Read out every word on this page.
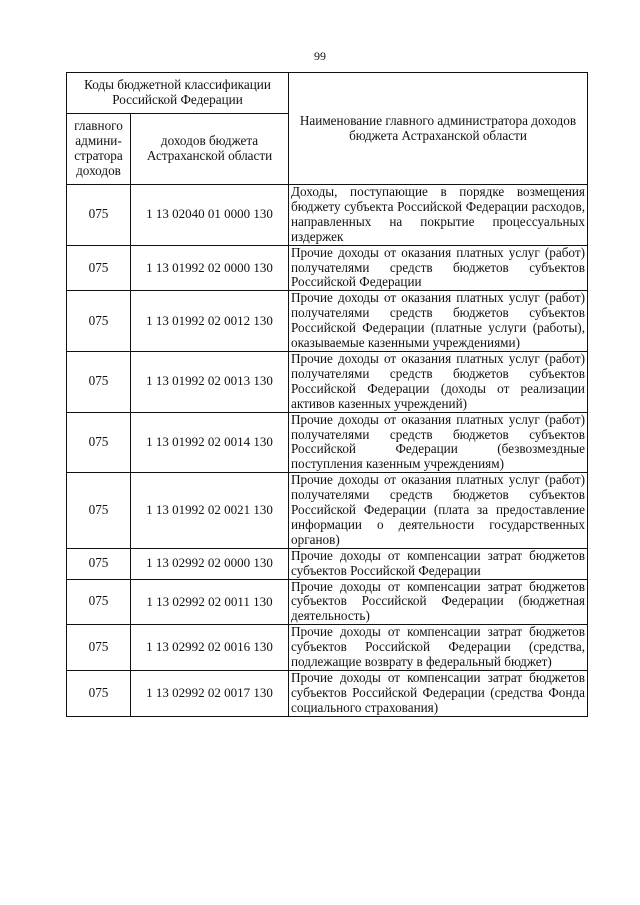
99
Коды бюджетной классификации Российской Федерации		Наименование главного администратора доходов бюджета Астраханской области
главного админи-стратора доходов	доходов бюджета Астраханской области	
075	1 13 02040 01 0000 130	Доходы, поступающие в порядке возмещения бюджету субъекта Российской Федерации расходов, направленных на покрытие процессуальных издержек
075	1 13 01992 02 0000 130	Прочие доходы от оказания платных услуг (работ) получателями средств бюджетов субъектов Российской Федерации
075	1 13 01992 02 0012 130	Прочие доходы от оказания платных услуг (работ) получателями средств бюджетов субъектов Российской Федерации (платные услуги (работы), оказываемые казенными учреждениями)
075	1 13 01992 02 0013 130	Прочие доходы от оказания платных услуг (работ) получателями средств бюджетов субъектов Российской Федерации (доходы от реализации активов казенных учреждений)
075	1 13 01992 02 0014 130	Прочие доходы от оказания платных услуг (работ) получателями средств бюджетов субъектов Российской Федерации (безвозмездные поступления казенным учреждениям)
075	1 13 01992 02 0021 130	Прочие доходы от оказания платных услуг (работ) получателями средств бюджетов субъектов Российской Федерации (плата за предоставление информации о деятельности государственных органов)
075	1 13 02992 02 0000 130	Прочие доходы от компенсации затрат бюджетов субъектов Российской Федерации
075	1 13 02992 02 0011 130	Прочие доходы от компенсации затрат бюджетов субъектов Российской Федерации (бюджетная деятельность)
075	1 13 02992 02 0016 130	Прочие доходы от компенсации затрат бюджетов субъектов Российской Федерации (средства, подлежащие возврату в федеральный бюджет)
075	1 13 02992 02 0017 130	Прочие доходы от компенсации затрат бюджетов субъектов Российской Федерации (средства Фонда социального страхования)
